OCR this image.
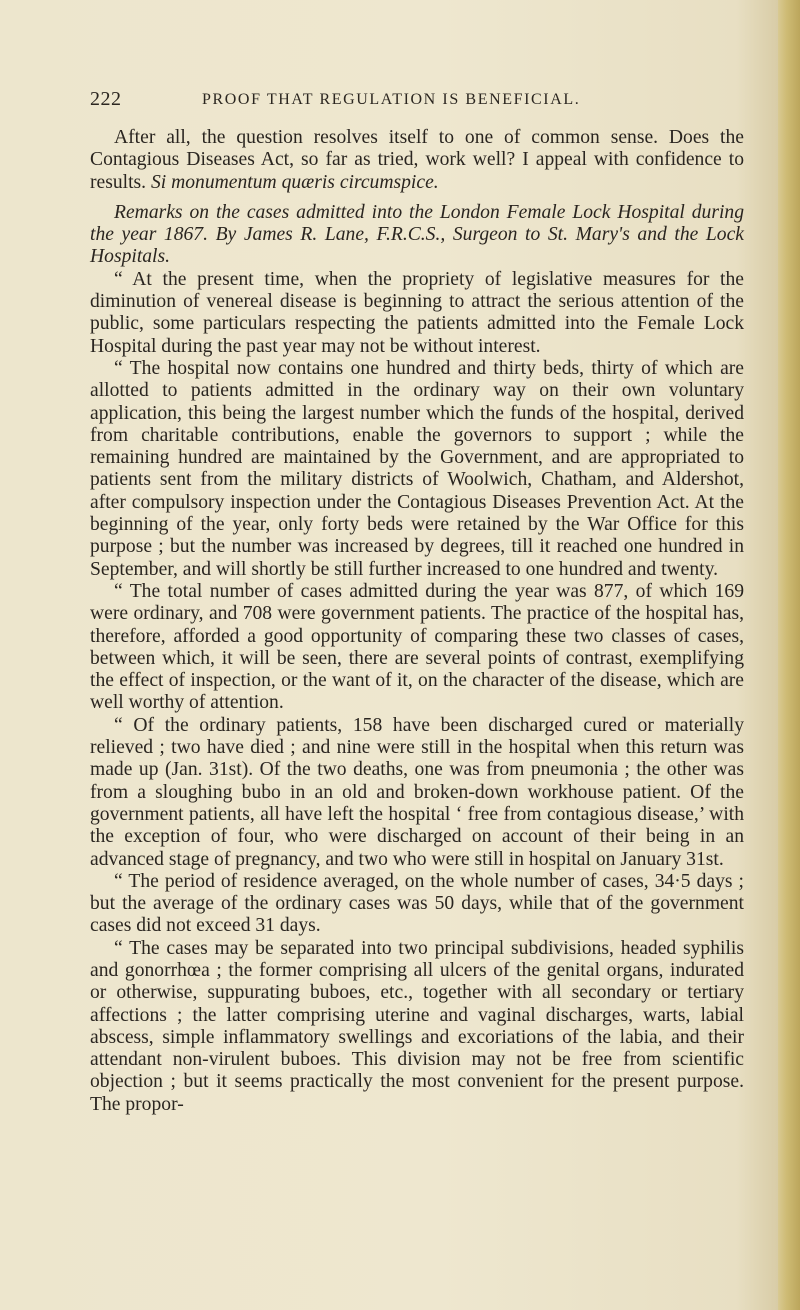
222	PROOF THAT REGULATION IS BENEFICIAL.

After all, the question resolves itself to one of common sense. Does the Contagious Diseases Act, so far as tried, work well? I appeal with confidence to results. Si monumentum quæris circumspice.

Remarks on the cases admitted into the London Female Lock Hospital during the year 1867. By James R. Lane, F.R.C.S., Surgeon to St. Mary's and the Lock Hospitals.

“ At the present time, when the propriety of legislative measures for the diminution of venereal disease is beginning to attract the serious attention of the public, some particulars respecting the patients admitted into the Female Lock Hospital during the past year may not be without interest.

“ The hospital now contains one hundred and thirty beds, thirty of which are allotted to patients admitted in the ordinary way on their own voluntary application, this being the largest number which the funds of the hospital, derived from charitable contributions, enable the governors to support ; while the remaining hundred are maintained by the Government, and are appropriated to patients sent from the military districts of Woolwich, Chatham, and Aldershot, after compulsory inspection under the Contagious Diseases Prevention Act. At the beginning of the year, only forty beds were retained by the War Office for this purpose ; but the number was increased by degrees, till it reached one hundred in September, and will shortly be still further increased to one hundred and twenty.

“ The total number of cases admitted during the year was 877, of which 169 were ordinary, and 708 were government patients. The practice of the hospital has, therefore, afforded a good opportunity of comparing these two classes of cases, between which, it will be seen, there are several points of contrast, exemplifying the effect of inspection, or the want of it, on the character of the disease, which are well worthy of attention.

“ Of the ordinary patients, 158 have been discharged cured or materially relieved ; two have died ; and nine were still in the hospital when this return was made up (Jan. 31st). Of the two deaths, one was from pneumonia ; the other was from a sloughing bubo in an old and broken-down workhouse patient. Of the government patients, all have left the hospital ‘ free from contagious disease,’ with the exception of four, who were discharged on account of their being in an advanced stage of pregnancy, and two who were still in hospital on January 31st.

“ The period of residence averaged, on the whole number of cases, 34·5 days ; but the average of the ordinary cases was 50 days, while that of the government cases did not exceed 31 days.

“ The cases may be separated into two principal subdivisions, headed syphilis and gonorrhœa ; the former comprising all ulcers of the genital organs, indurated or otherwise, suppurating buboes, etc., together with all secondary or tertiary affections ; the latter comprising uterine and vaginal discharges, warts, labial abscess, simple inflammatory swellings and excoriations of the labia, and their attendant non-virulent buboes. This division may not be free from scientific objection ; but it seems practically the most convenient for the present purpose. The propor-
